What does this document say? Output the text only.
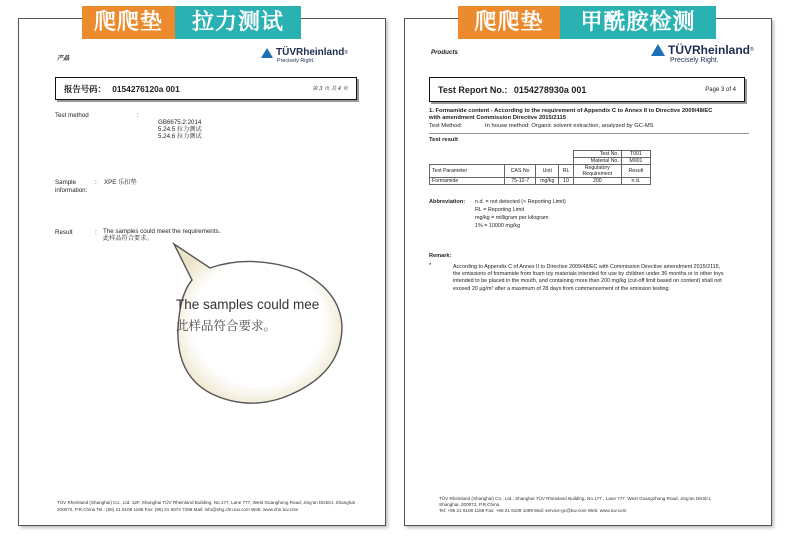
爬爬垫	拉力测试	爬爬垫	甲酰胺检测
产品
TÜVRheinland ®
Precisely Right.
报告号码： 0154276120a 001	第 3 页 共 4 页
Test method	:
GB6675.2:2014
5.24.5 拉力测试
5.24.6 拉力测试
Sample information:
: XPE 乐扣垫
Result	: The samples could meet the requirements.
此样品符合要求。
TÜV Rheinland (Shanghai) Co., Ltd. 12F, Shanghai TÜV Rheinland Building, No.177, Lane 777, West Guanghong Road, Jing'an District, Shanghai
200072, P.R.China Tel.: (86) 21 6108 1188 Fax: (86) 21 6074 7296 Mail: info@shg.chn.tuv.com Web: www.chn.tuv.com
The samples could mee
此样品符合要求。
Products	TÜVRheinland ®
Precisely Right.
Test Report No.: 0154278930a 001	Page 3 of 4
1. Formamide content - According to the requirement of Appendix C to Annex II to Directive 2009/48/EC with amendment Commission Directive 2015/2115
Test Method:	In house method: Organic solvent extraction, analyzed by GC-MS
Test result
				Test No.	T001
				Material No.	M001
Test Parameter	CAS No	Unit	RL	Regulatory Requirement	Result
Formamide	75-12-7	mg/kg	10	200	n.d.
Abbreviation: n.d. = not detected (< Reporting Limit)
RL = Reporting Limit
mg/kg = milligram per kilogram
1% = 10000 mg/kg
Remark:
*	According to Appendix C of Annex II to Directive 2009/48/EC with Commission Directive amendment 2015/2115, the emissions of formamide from foam toy materials intended for use by children under 36 months or in other toys intended to be placed in the mouth, and containing more than 200 mg/kg (cut-off limit based on content) shall not exceed 20 µg/m³ after a maximum of 28 days from commencement of the emission testing.
TÜV Rheinland (Shanghai) Co., Ltd., Shanghai TÜV Rheinland Building, No.177 , Lane 777, West Guangzhong Road, Jing'an District,
Shanghai, 200072, P.R.China
Tel: +86 21 6108 1188 Fax: +86 21 6108 1099 Mail: service-gc@tuv.com Web: www.tuv.com
